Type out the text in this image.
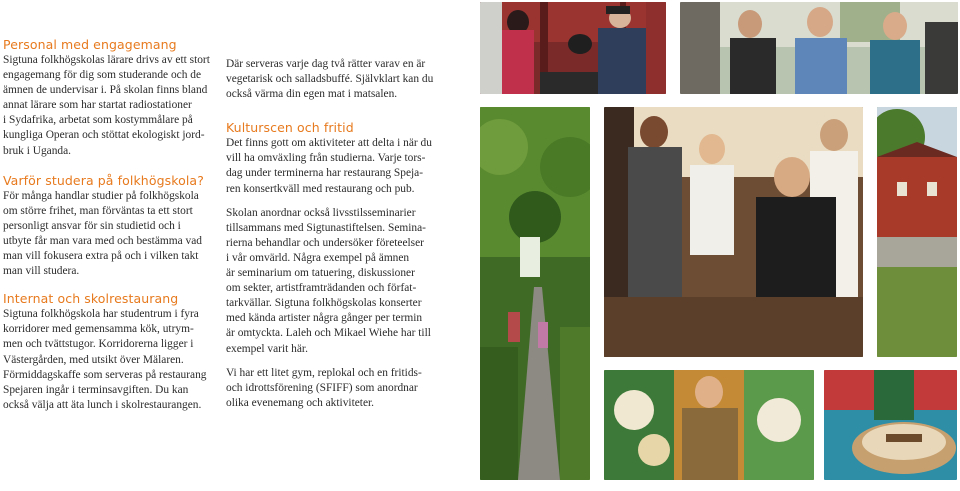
Personal med engagemang

Sigtuna folkhögskolas lärare drivs av ett stort
engagemang för dig som studerande och de
ämnen de undervisar i. På skolan finns bland
annat lärare som har startat radiostationer
i Sydafrika, arbetat som kostymmålare på
kungliga Operan och stöttat ekologiskt jord-
bruk i Uganda.

Varför studera på folkhögskola?

För många handlar studier på folkhögskola
om större frihet, man förväntas ta ett stort
personligt ansvar för sin studietid och i
utbyte får man vara med och bestämma vad
man vill fokusera extra på och i vilken takt
man vill studera.

Internat och skolrestaurang

Sigtuna folkhögskola har studentrum i fyra
korridorer med gemensamma kök, utrym-
men och tvättstugor. Korridorerna ligger i
Västergården, med utsikt över Mälaren.
Förmiddagskaffe som serveras på restaurang
Spejaren ingår i terminsavgiften. Du kan
också välja att äta lunch i skolrestaurangen.

Där serveras varje dag två rätter varav en är
vegetarisk och salladsbuffé. Självklart kan du
också värma din egen mat i matsalen.

Kulturscen och fritid

Det finns gott om aktiviteter att delta i när du
vill ha omväxling från studierna. Varje tors-
dag under terminerna har restaurang Speja-
ren konsertkväll med restaurang och pub.

Skolan anordnar också livsstilsseminarier
tillsammans med Sigtunastiftelsen. Semina-
rierna behandlar och undersöker företeelser
i vår omvärld. Några exempel på ämnen
är seminarium om tatuering, diskussioner
om sekter, artistframträdanden och förfat-
tarkvällar. Sigtuna folkhögskolas konserter
med kända artister några gånger per termin
är omtyckta. Laleh och Mikael Wiehe har till
exempel varit här.

Vi har ett litet gym, replokal och en fritids-
och idrottsförening (SFIFF) som anordnar
olika evenemang och aktiviteter.
